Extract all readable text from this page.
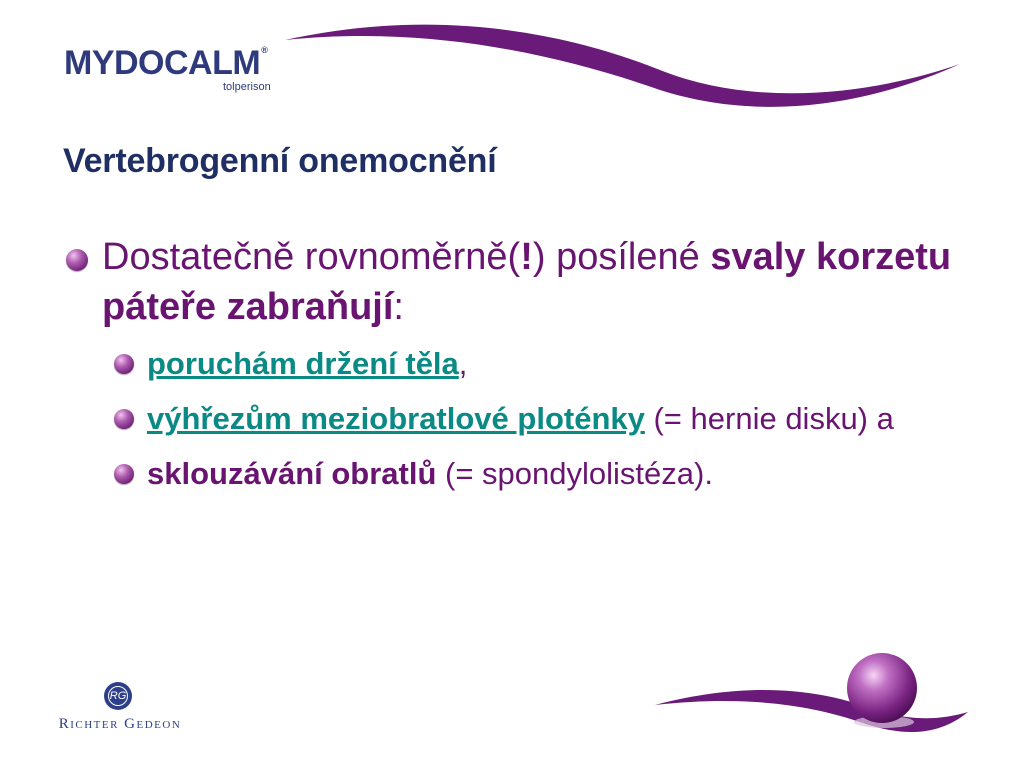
MYDOCALM ®
tolperison
Vertebrogenní onemocnění
Dostatečně rovnoměrně(!) posílené svaly korzetu páteře zabraňují:
poruchám držení těla,
výhřezům meziobratlové ploténky (= hernie disku) a
sklouzávání obratlů (= spondylolistéza).
RG
Richter Gedeon
